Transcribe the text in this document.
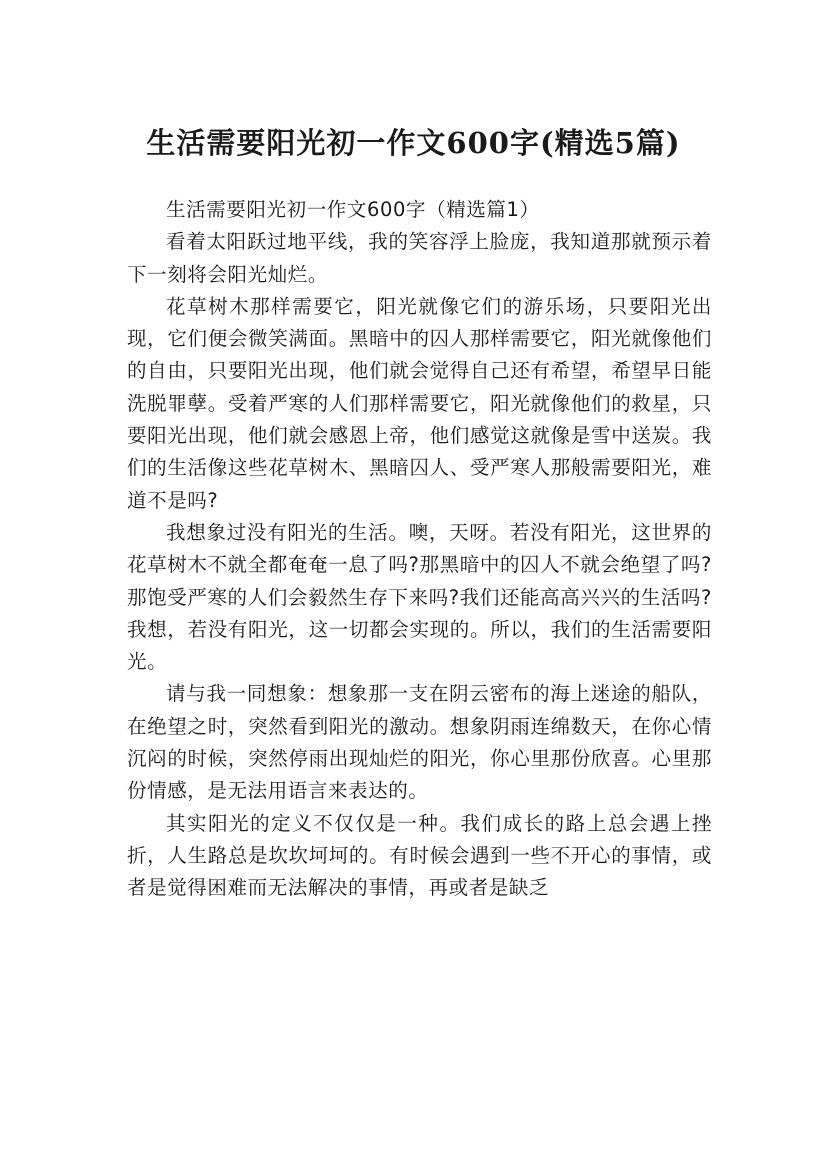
生活需要阳光初一作文600字(精选5篇)

生活需要阳光初一作文600字（精选篇1）

看着太阳跃过地平线，我的笑容浮上脸庞，我知道那就预示着下一刻将会阳光灿烂。

花草树木那样需要它，阳光就像它们的游乐场，只要阳光出现，它们便会微笑满面。黑暗中的囚人那样需要它，阳光就像他们的自由，只要阳光出现，他们就会觉得自己还有希望，希望早日能洗脱罪孽。受着严寒的人们那样需要它，阳光就像他们的救星，只要阳光出现，他们就会感恩上帝，他们感觉这就像是雪中送炭。我们的生活像这些花草树木、黑暗囚人、受严寒人那般需要阳光，难道不是吗?

我想象过没有阳光的生活。噢，天呀。若没有阳光，这世界的花草树木不就全都奄奄一息了吗?那黑暗中的囚人不就会绝望了吗?那饱受严寒的人们会毅然生存下来吗?我们还能高高兴兴的生活吗?我想，若没有阳光，这一切都会实现的。所以，我们的生活需要阳光。

请与我一同想象：想象那一支在阴云密布的海上迷途的船队，在绝望之时，突然看到阳光的激动。想象阴雨连绵数天，在你心情沉闷的时候，突然停雨出现灿烂的阳光，你心里那份欣喜。心里那份情感，是无法用语言来表达的。

其实阳光的定义不仅仅是一种。我们成长的路上总会遇上挫折，人生路总是坎坎坷坷的。有时候会遇到一些不开心的事情，或者是觉得困难而无法解决的事情，再或者是缺乏
